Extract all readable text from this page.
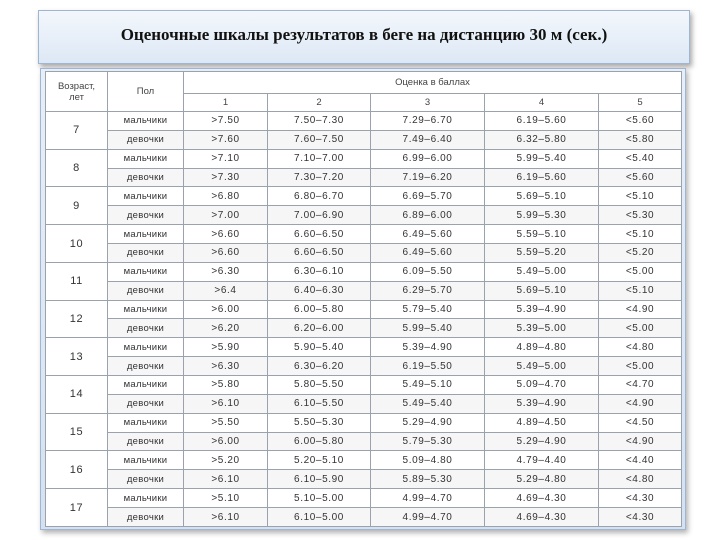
Оценочные шкалы результатов в беге на дистанцию 30 м (сек.)
Возраст,
лет	Пол	Оценка в баллах				
		1	2	3	4	5
7	мальчики	>7.50	7.50–7.30	7.29–6.70	6.19–5.60	<5.60
	девочки	>7.60	7.60–7.50	7.49–6.40	6.32–5.80	<5.80
8	мальчики	>7.10	7.10–7.00	6.99–6.00	5.99–5.40	<5.40
	девочки	>7.30	7.30–7.20	7.19–6.20	6.19–5.60	<5.60
9	мальчики	>6.80	6.80–6.70	6.69–5.70	5.69–5.10	<5.10
	девочки	>7.00	7.00–6.90	6.89–6.00	5.99–5.30	<5.30
10	мальчики	>6.60	6.60–6.50	6.49–5.60	5.59–5.10	<5.10
	девочки	>6.60	6.60–6.50	6.49–5.60	5.59–5.20	<5.20
11	мальчики	>6.30	6.30–6.10	6.09–5.50	5.49–5.00	<5.00
	девочки	>6.4	6.40–6.30	6.29–5.70	5.69–5.10	<5.10
12	мальчики	>6.00	6.00–5.80	5.79–5.40	5.39–4.90	<4.90
	девочки	>6.20	6.20–6.00	5.99–5.40	5.39–5.00	<5.00
13	мальчики	>5.90	5.90–5.40	5.39–4.90	4.89–4.80	<4.80
	девочки	>6.30	6.30–6.20	6.19–5.50	5.49–5.00	<5.00
14	мальчики	>5.80	5.80–5.50	5.49–5.10	5.09–4.70	<4.70
	девочки	>6.10	6.10–5.50	5.49–5.40	5.39–4.90	<4.90
15	мальчики	>5.50	5.50–5.30	5.29–4.90	4.89–4.50	<4.50
	девочки	>6.00	6.00–5.80	5.79–5.30	5.29–4.90	<4.90
16	мальчики	>5.20	5.20–5.10	5.09–4.80	4.79–4.40	<4.40
	девочки	>6.10	6.10–5.90	5.89–5.30	5.29–4.80	<4.80
17	мальчики	>5.10	5.10–5.00	4.99–4.70	4.69–4.30	<4.30
	девочки	>6.10	6.10–5.00	4.99–4.70	4.69–4.30	<4.30
